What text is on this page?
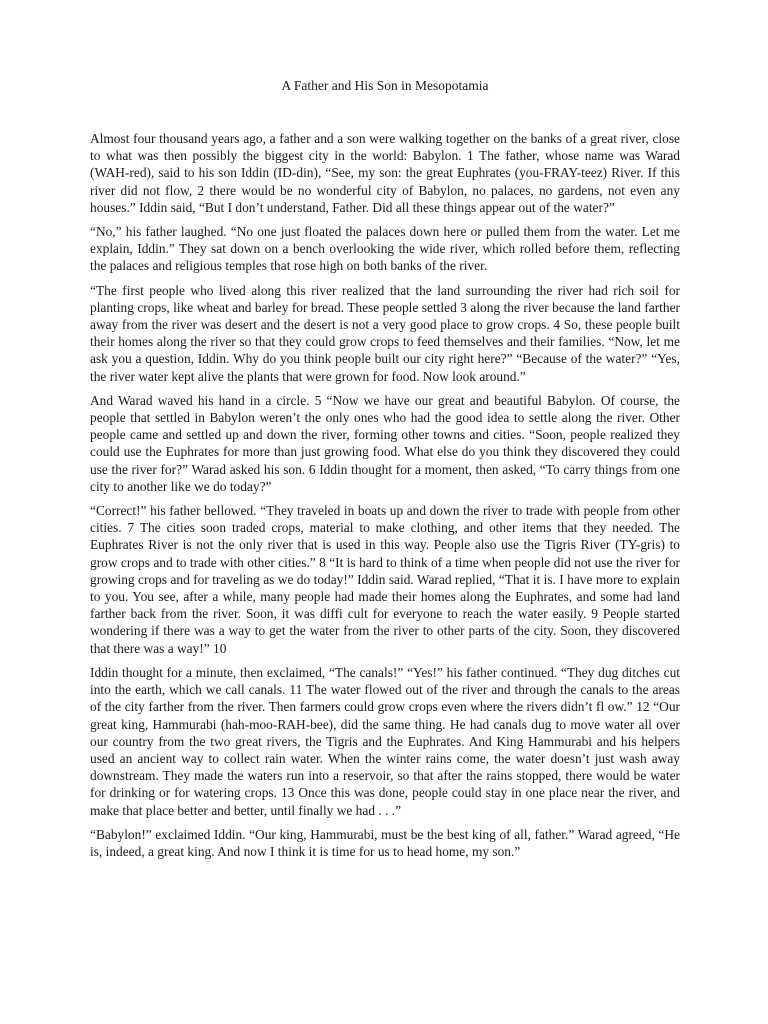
A Father and His Son in Mesopotamia

Almost four thousand years ago, a father and a son were walking together on the banks of a great river, close to what was then possibly the biggest city in the world: Babylon. 1 The father, whose name was Warad (WAH-red), said to his son Iddin (ID-din), “See, my son: the great Euphrates (you-FRAY-teez) River. If this river did not flow, 2 there would be no wonderful city of Babylon, no palaces, no gardens, not even any houses.” Iddin said, “But I don’t understand, Father. Did all these things appear out of the water?”

“No,” his father laughed. “No one just floated the palaces down here or pulled them from the water. Let me explain, Iddin.” They sat down on a bench overlooking the wide river, which rolled before them, reflecting the palaces and religious temples that rose high on both banks of the river.

“The first people who lived along this river realized that the land surrounding the river had rich soil for planting crops, like wheat and barley for bread. These people settled 3 along the river because the land farther away from the river was desert and the desert is not a very good place to grow crops. 4 So, these people built their homes along the river so that they could grow crops to feed themselves and their families. “Now, let me ask you a question, Iddin. Why do you think people built our city right here?” “Because of the water?” “Yes, the river water kept alive the plants that were grown for food. Now look around.”

And Warad waved his hand in a circle. 5 “Now we have our great and beautiful Babylon. Of course, the people that settled in Babylon weren’t the only ones who had the good idea to settle along the river. Other people came and settled up and down the river, forming other towns and cities. “Soon, people realized they could use the Euphrates for more than just growing food. What else do you think they discovered they could use the river for?” Warad asked his son. 6 Iddin thought for a moment, then asked, “To carry things from one city to another like we do today?”

“Correct!” his father bellowed. “They traveled in boats up and down the river to trade with people from other cities. 7 The cities soon traded crops, material to make clothing, and other items that they needed. The Euphrates River is not the only river that is used in this way. People also use the Tigris River (TY-gris) to grow crops and to trade with other cities.” 8 “It is hard to think of a time when people did not use the river for growing crops and for traveling as we do today!” Iddin said. Warad replied, “That it is. I have more to explain to you. You see, after a while, many people had made their homes along the Euphrates, and some had land farther back from the river. Soon, it was diffi cult for everyone to reach the water easily. 9 People started wondering if there was a way to get the water from the river to other parts of the city. Soon, they discovered that there was a way!” 10

Iddin thought for a minute, then exclaimed, “The canals!” “Yes!” his father continued. “They dug ditches cut into the earth, which we call canals. 11 The water flowed out of the river and through the canals to the areas of the city farther from the river. Then farmers could grow crops even where the rivers didn’t fl ow.” 12 “Our great king, Hammurabi (hah-moo-RAH-bee), did the same thing. He had canals dug to move water all over our country from the two great rivers, the Tigris and the Euphrates. And King Hammurabi and his helpers used an ancient way to collect rain water. When the winter rains come, the water doesn’t just wash away downstream. They made the waters run into a reservoir, so that after the rains stopped, there would be water for drinking or for watering crops. 13 Once this was done, people could stay in one place near the river, and make that place better and better, until finally we had . . .”

“Babylon!” exclaimed Iddin. “Our king, Hammurabi, must be the best king of all, father.” Warad agreed, “He is, indeed, a great king. And now I think it is time for us to head home, my son.”
